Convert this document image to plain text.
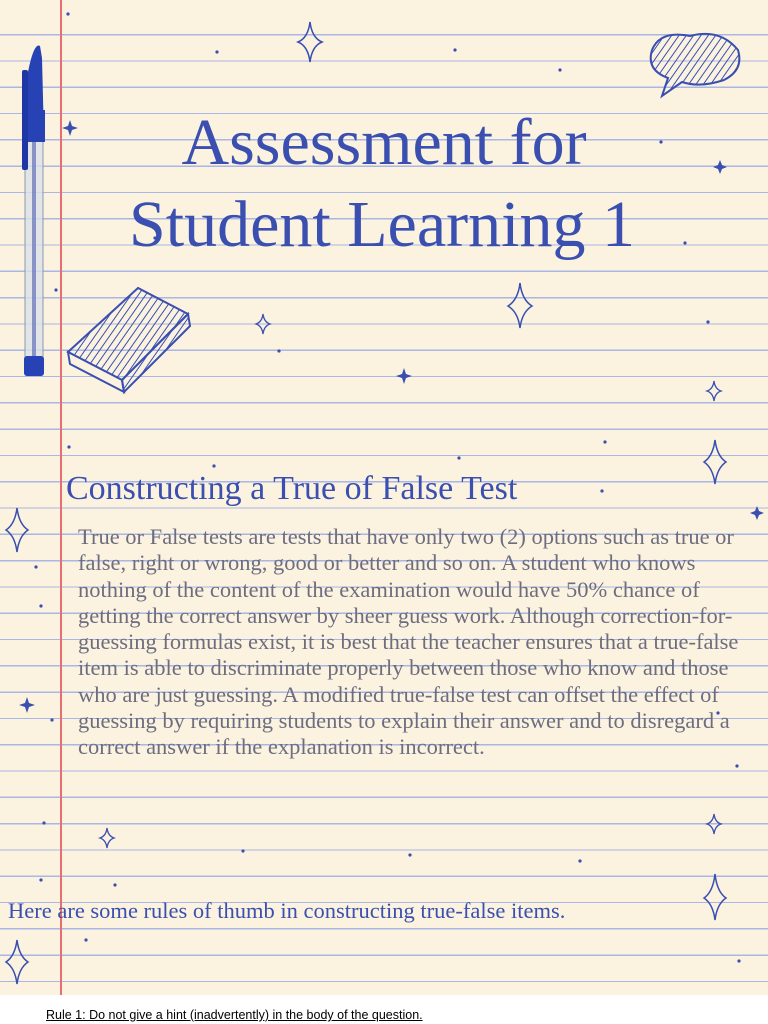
Assessment for
Student Learning 1
Constructing a True of False Test

True or False tests are tests that have only two (2) options such as true or false, right or wrong, good or better and so on. A student who knows nothing of the content of the examination would have 50% chance of getting the correct answer by sheer guess work. Although correction-for-guessing formulas exist, it is best that the teacher ensures that a true-false item is able to discriminate properly between those who know and those who are just guessing. A modified true-false test can offset the effect of guessing by requiring students to explain their answer and to disregard a correct answer if the explanation is incorrect.

Here are some rules of thumb in constructing true-false items.

Rule 1: Do not give a hint (inadvertently) in the body of the question.
